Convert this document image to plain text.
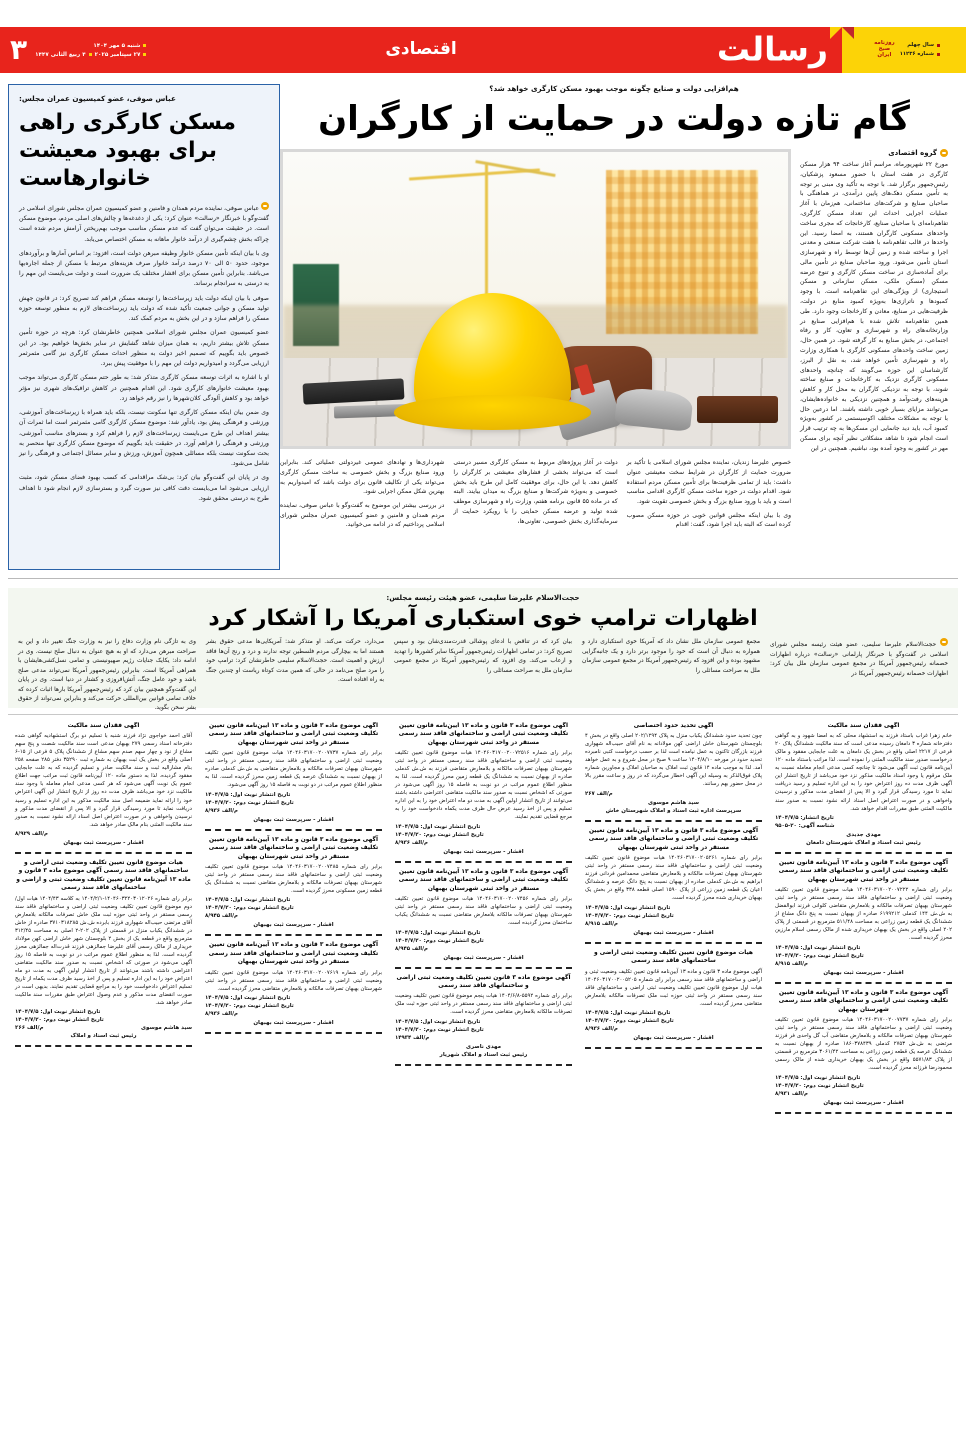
روزنامه
صبح
ایران
سال چهلم
شماره ۱۱۲۳۶
رسالت
اقتصادی
شنبه ۵ مهر ۱۴۰۴
۲۷ سپتامبر ۲۰۲۵
۴ ربیع الثانی ۱۴۴۷
۳
هم‌افزایی دولت و صنایع چگونه موجب بهبود مسکن کارگری خواهد شد؟
گام تازه دولت در حمایت از کارگران
گروه اقتصادی

مورخ ۲۲ شهریورماه، مراسم آغاز ساخت ۹۴ هزار مسکن کارگری در هفت استان با حضور مسعود پزشکیان، رئیس‌جمهور برگزار شد. با توجه به تأکید وی مبنی بر توجه به تأمین مسکن دهک‌های پایین درآمدی، در هماهنگی با صاحبان صنایع و شرکت‌های ساختمانی، هم‌زمان با آغاز عملیات اجرایی احداث این تعداد مسکن کارگری، تفاهم‌نامه‌ای با صاحبان صنایع، کارخانجات که مجری ساخت واحدهای مسکونی کارگران هستند، به امضا رسید. این واحدها در قالب تفاهم‌نامه با هفت شرکت صنعتی و معدنی اجرا و ساخته شده و زمین آن‌ها توسط راه و شهرسازی استان تأمین می‌شود. ورود صاحبان صنایع در تأمین مالی برای آماده‌سازی در ساخت مسکن کارگری و تنوع عرضه مسکن (مسکن ملکی، مسکن سازمانی و مسکن استیجاری) از ویژگی‌های این تفاهم‌نامه است. با وجود کمبودها و ناترازی‌ها به‌ویژه کمبود منابع در دولت، ظرفیت‌هایی در صنایع، معادن و کارخانجات وجود دارد. طی همین تفاهم‌نامه تلاش شده با هم‌افزایی صنایع در وزارتخانه‌های راه و شهرسازی و تعاون، کار و رفاه اجتماعی، در بخش صنایع به کار گرفته شود. در همین حال، زمین ساخت واحدهای مسکونی کارگری با همکاری وزارت راه و شهرسازی تأمین خواهد شد، به نقل از البرز، کارشناسان این حوزه می‌گویند که چنانچه واحدهای مسکونی کارگری نزدیک به کارخانجات و صنایع ساخته شوند، با توجه به نزدیکی کارگران به محل کار و کاهش هزینه‌های رفت‌وآمد و همچنین نزدیکی به خانواده‌هایشان، می‌توانند مزایای بسیار خوبی داشته باشند. اما درعین حال با توجه به مشکلات مختلف اکوسیستمی در کشور به‌ویژه کمبود آب، باید دید جانمایی این مسکن‌ها به چه ترتیب قرار است انجام شود تا شاهد مشکلاتی نظیر آنچه برای مسکن مهر در کشور به وجود آمده بود، نباشیم. همچنین در این

خصوص علیرضا زندیان، نماینده مجلس شورای اسلامی با تأکید بر ضرورت حمایت از کارگران در شرایط سخت معیشتی عنوان داشت: باید از تمامی ظرفیت‌ها برای تأمین مسکن مردم استفاده شود. اقدام دولت در حوزه ساخت مسکن کارگری اقدامی مناسب است و باید با ورود صنایع بزرگ و بخش خصوصی تقویت شود.

وی با بیان اینکه مجلس قوانین خوبی در حوزه مسکن مصوب کرده است که البته باید اجرا شود، گفت: اقدام

دولت در آغاز پروژه‌های مربوط به مسکن کارگری مسیر درستی است که می‌تواند بخشی از فشارهای معیشتی بر کارگران را کاهش دهد. با این حال، برای موفقیت کامل این طرح باید بخش خصوصی و به‌ویژه شرکت‌ها و صنایع بزرگ به میدان بیایند. البته که در ماده ۵۵ قانون برنامه هفتم، وزارت راه و شهرسازی موظف شده تولید و عرضه مسکن حمایتی را با رویکرد حمایت از سرمایه‌گذاری بخش خصوصی، تعاونی‌ها،

شهرداری‌ها و نهادهای عمومی غیردولتی عملیاتی کند. بنابراین ورود صنایع بزرگ و بخش خصوصی به ساخت مسکن کارگری می‌تواند یکی از تکالیف قانون برای دولت باشد که امیدواریم به بهترین شکل ممکن اجرایی شود.

در بررسی بیشتر این موضوع به گفت‌وگو با عباس صوفی، نماینده مردم همدان و فامنین و عضو کمیسیون عمران مجلس شورای اسلامی پرداختیم که در ادامه می‌خوانید.

عباس صوفی، عضو کمیسیون عمران مجلس:
مسکن کارگری راهی برای بهبود معیشت خانوارهاست

عباس صوفی، نماینده مردم همدان و فامنین و عضو کمیسیون عمران مجلس شورای اسلامی در گفت‌وگو با خبرنگار «رسالت» عنوان کرد: یکی از دغدغه‌ها و چالش‌های اصلی مردم، موضوع مسکن است. در حقیقت می‌توان گفت که عدم مسکن مناسب موجب بهم‌ریختن آرامش مردم شده است چراکه بخش چشم‌گیری از درآمد خانوار ماهانه به مسکن اختصاص می‌یابد.

وی با بیان اینکه تأمین مسکن خانوار وظیفه مبرهن دولت است، افزود: بر اساس آمارها و برآوردهای موجود، حدود ۵۰ الی ۷۰ درصد درآمد خانوار صرف هزینه‌های مرتبط با مسکن از جمله اجاره‌بها می‌باشد. بنابراین تأمین مسکن برای اقشار مختلف یک ضرورت است و دولت می‌بایست این مهم را به درستی به سرانجام برساند.

صوفی با بیان اینکه دولت باید زیرساخت‌ها را توسعه مسکن فراهم کند تصریح کرد: در قانون جهش تولید مسکن و جوانی جمعیت تأکید شده که دولت باید زیرساخت‌های لازم به منظور توسعه حوزه مسکن را فراهم سازد و در این بخش به مردم کمک کند.

عضو کمیسیون عمران مجلس شورای اسلامی همچنین خاطرنشان کرد: هرچه در حوزه تأمین مسکن تلاش بیشتر داریم، به همان میزان شاهد گشایش در سایر بخش‌ها خواهیم بود. در این خصوص باید بگوییم که تصمیم اخیر دولت به منظور احداث مسکن کارگری نیز گامی مثمرثمر ارزیابی می‌گردد و امیدواریم دولت این مهم را با موفقیت پیش ببرد.

او با اشاره به اثرات توسعه مسکن کارگری متذکر شد: به طور حتم مسکن کارگری می‌تواند موجب بهبود معیشت خانوارهای کارگری شود. این اقدام همچنین در کاهش ترافیک‌های شهری نیز مؤثر خواهد بود و کاهش آلودگی کلان‌شهرها را نیز رقم خواهد زد.

وی ضمن بیان اینکه مسکن کارگری تنها سکونت نیست، بلکه باید همراه با زیرساخت‌های آموزشی، ورزشی و فرهنگی پیش بود، یادآور شد: موضوع مسکن کارگری گامی مثمرثمر است اما ثمرات آن بیشتر اهداف این طرح می‌بایست زیرساخت‌های لازم را فراهم کرد و بسترهای مناسب آموزشی، ورزشی و فرهنگی را فراهم آورد. در حقیقت باید بگوییم که موضوع مسکن کارگری تنها منحصر به بحث سکونت نیست بلکه مسائلی همچون آموزش، ورزش و سایر مسائل اجتماعی و فرهنگی را نیز شامل می‌شود.

وی در پایان این گفت‌وگو بیان کرد: بی‌شک مراقدامی که کسب بهبود فضای مسکن شود، مثبت ارزیابی می‌شود اما می‌بایست دقت کافی نیز صورت گیرد و بسترسازی لازم انجام شود تا اهداف طرح به درستی محقق شود.

حجت‌الاسلام علیرضا سلیمی، عضو هیئت رئیسه مجلس:
اظهارات ترامپ خوی استکباری آمریکا را آشکار کرد

حجت‌الاسلام علیرضا سلیمی، عضو هیئت رئیسه مجلس شورای اسلامی در گفت‌وگو با خبرنگار پارلمانی «رسالت» درباره اظهارات خصمانه رئیس‌جمهور آمریکا در مجمع عمومی سازمان ملل بیان کرد: اظهارات خصمانه رئیس‌جمهور آمریکا در

مجمع عمومی سازمان ملل نشان داد که آمریکا خوی استکباری دارد و همواره به دنبال آن است که خود را موجود برتر دارد و یک جانبه‌گرایی مشهود بوده و این افزود که رئیس‌جمهور آمریکا در مجمع عمومی سازمان ملل به صراحت مسائلی را

بیان کرد که در تناقض با ادعای پوشالی قدرت‌مندی‌شان بود و سپس تصریح کرد: در تمامی اظهارات رئیس‌جمهور آمریکا سایر کشورها را تهدید و ارعاب می‌کند. وی افزود که رئیس‌جمهور آمریکا در مجمع عمومی سازمان ملل به صراحت مسائلی را

می‌دارد، حرکت می‌کند. او متذکر شد: آمریکایی‌ها مدعی حقوق بشر هستند اما به بیچارگی مردم فلسطین توجه ندارند و درد و رنج آن‌ها فاقد ارزش و اهمیت است. حجت‌الاسلام سلیمی خاطرنشان کرد: ترامپ خود را مرد صلح می‌نامد در حالی که همین مدت کوتاه ریاست او چندین جنگ به راه افتاده است.

وی به تازگی نام وزارت دفاع را نیز به وزارت جنگ تغییر داد و این به صراحت مبرهن می‌دارد که او به هیچ عنوان به دنبال صلح نیست. وی در ادامه داد: یکایک جنایات رژیم صهیونیستی و تمامی نسل‌کشی‌هایشان با همراهی آمریکا است. بنابراین رئیس‌جمهور آمریکا نمی‌تواند مدعی صلح باشد و خود عامل جنگ، آتش‌افروزی و کشتار در دنیا است. وی در پایان این گفت‌وگو همچنین بیان کرد که رئیس‌جمهور آمریکا بارها اثبات کرده که خلاف تمامی قوانین بین‌المللی حرکت می‌کند و بنابراین نمی‌تواند از حقوق بشر سخن بگوید.

آگهی فقدان سند مالکیت

خانم زهرا غراب باستاد فرزند به استشهاد محلی که به امضا شهود و به گواهی دفترخانه شماره ۳ دامغان رسیده مدعی است که سند مالکیت ششدانگ پلاک ۲۰ فرعی از ۲۲۱۷ اصلی واقع در بخش یک دامغان به علت جابجایی مفقود و مالک درخواست صدور سند مالکیت المثنی را نموده است. لذا مراتب باستناد ماده ۱۲۰ آیین‌نامه قانون ثبت آگهی می‌شود تا چنانچه کسی مدعی انجام معامله نسبت به ملک مرقوم یا وجود اسناد مالکیت مذکور نزد خود می‌باشد از تاریخ انتشار این آگهی ظرف مدت ده روز اعتراض خود را به این اداره تسلیم و رسید دریافت نماید تا مورد رسیدگی قرار گیرد و الا پس از انقضای مدت مذکور و نرسیدن واخواهی و در صورت اعتراض اصل اسناد ارائه نشود نسبت به صدور سند مالکیت المثنی طبق مقررات اقدام خواهد شد.

تاریخ انتشار: ۱۴۰۴/۷/۵
شناسه آگهی: ۲۰-۹۵۰۵
مهدی جدیدی
رئیس ثبت اسناد و املاک شهرستان دامغان
آگهی موضوع ماده ۳ قانون و ماده ۱۳ آیین‌نامه قانون تعیین تکلیف وضعیت ثبتی اراضی و ساختمانهای فاقد سند رسمی مستقر در واحد ثبتی شهرستان بهبهان

برابر رای شماره ۱۴۰۴۶۰۳۱۷۰۰۲۰۰۷۲۲۲ هیات موضوع قانون تعیین تکلیف وضعیت ثبتی اراضی و ساختمانهای فاقد سند رسمی مستقر در واحد ثبتی شهرستان بهبهان تصرفات مالکانه و بلامعارض متقاضی کلوانی فرزند ابوالفضل به ش.ش ۱۴۴ کدملی ۶۱۹۹۲۱۲ صادره از بهبهان نسبت به پنج دانگ مشاع از ششدانگ یک قطعه زمین زراعی به مساحت ۵۱۱/۴۸ مترمربع در قسمتی از پلاک ۲۰۲ اصلی واقع در بخش یک بهبهان خریداری شده از مالک رسمی اسلام مارزین محرز گردیده است.

تاریخ انتشار نوبت اول: ۱۴۰۴/۷/۵
تاریخ انتشار نوبت دوم: ۱۴۰۴/۷/۲۰
م/الف ۸/۹۱۵
افشار - سرپرست ثبت بهبهان
آگهی موضوع ماده ۳ قانون و ماده ۱۳ آیین‌نامه قانون تعیین تکلیف وضعیت ثبتی اراضی و ساختمانهای فاقد سند رسمی شهرستان بهبهان

برابر رای شماره ۱۴۰۴۶۰۳۱۷۰۰۲۰۰۷۷۳۷ هیات موضوع قانون تعیین تکلیف وضعیت ثبتی اراضی و ساختمانهای فاقد سند رسمی مستقر در واحد ثبتی شهرستان بهبهان تصرفات مالکانه و بلامعارض متقاضی آب گل واحدی فر فرزند مرتضی به ش.ش ۲۷۵۳ کدملی ۱۸۶۰۳۷۸۴۳۹ صادره از بهبهان نسبت به ششدانگ عرصه یک قطعه زمین زراعی به مساحت ۳۰۶۱/۴۲ مترمربع در قسمتی از پلاک ۵۵۷۱/۸۳ واقع در بخش یک بهبهان خریداری شده از مالک رسمی محمودرضا فرزانه محرز گردیده است.

تاریخ انتشار نوبت اول: ۱۴۰۴/۷/۵
تاریخ انتشار نوبت دوم: ۱۴۰۴/۷/۲۰
م/الف ۸/۹۳۱
افشار - سرپرست ثبت بهبهان
آگهی تحدید حدود اختصاصی

چون تحدید حدود ششدانگ یکباب منزل به پلاک ۲۰۲/۱۲۹۴ اصلی واقع در بخش ۴ بلوچستان شهرستان خاش اراضی کهن مولادانه به نام آقای حبیب‌اله شهواری فرزند بازرگان تاکنون به عمل نیامده است لذا بر حسب درخواست کتبی نامبرده تحدید حدود در مورخه ۱۴۰۴/۸/۱۰ ساعت ۹ صبح در محل شروع و به عمل خواهد آمد. لذا به موجب ماده ۱۴ قانون ثبت املاک به صاحبان املاک و مجاورین شماره پلاک فوق‌الذکر به وسیله این آگهی اخطار می‌گردد که در روز و ساعت مقرر بالا در محل حضور بهم رسانند.

م/الف ۲۶۷
سید هاشم موسوی
سرپرست اداره ثبت اسناد و املاک شهرستان خاش
آگهی موضوع ماده ۳ قانون و ماده ۱۳ آیین‌نامه قانون تعیین تکلیف وضعیت ثبتی اراضی و ساختمانهای فاقد سند رسمی مستقر در واحد ثبتی شهرستان بهبهان

برابر رای شماره ۱۴۰۴۶۰۳۱۷۰۰۲۰۵۲۶۱ هیات موضوع قانون تعیین تکلیف وضعیت ثبتی اراضی و ساختمانهای فاقد سند رسمی مستقر در واحد ثبتی شهرستان بهبهان تصرفات مالکانه و بلامعارض متقاضی محمدامین فردانی فرزند ابراهیم به ش.ش کدملی صادره از بهبهان نسبت به پنج دانگ عرصه و ششدانگ اعیان یک قطعه زمین زراعی از پلاک ۱۵۹۰ اصلی قطعه ۳۳۸ واقع در بخش یک بهبهان خریداری شده محرز گردیده است.

تاریخ انتشار نوبت اول: ۱۴۰۴/۷/۵
تاریخ انتشار نوبت دوم: ۱۴۰۴/۷/۲۰
م/الف ۸/۹۱۵
افشار - سرپرست ثبت بهبهان
هیات موضوع قانون تعیین تکلیف وضعیت ثبتی اراضی و ساختمانهای فاقد سند رسمی

آگهی موضوع ماده ۳ قانون و ماده ۱۳ آیین‌نامه قانون تعیین تکلیف وضعیت ثبتی و اراضی و ساختمانهای فاقد سند رسمی برابر رای شماره ۱۴۰۴۶۰۳۱۷۰۰۲۰۰۵۲۰۵ هیات اول موضوع قانون تعیین تکلیف وضعیت ثبتی اراضی و ساختمانهای فاقد سند رسمی مستقر در واحد ثبتی حوزه ثبت ملک تصرفات مالکانه بلامعارض متقاضی محرز گردیده است.

تاریخ انتشار نوبت اول: ۱۴۰۴/۷/۵
تاریخ انتشار نوبت دوم: ۱۴۰۴/۷/۲۰
م/الف ۸/۹۳۶
افشار - سرپرست ثبت بهبهان
آگهی موضوع ماده ۳ قانون و ماده ۱۳ آیین‌نامه قانون تعیین تکلیف وضعیت ثبتی اراضی و ساختمانهای فاقد سند رسمی مستقر در واحد ثبتی شهرستان بهبهان

برابر رای شماره ۱۴۰۴۶۰۳۱۷۰۰۲۰۰۷۲۵۱۶ هیات موضوع قانون تعیین تکلیف وضعیت ثبتی اراضی و ساختمانهای فاقد سند رسمی مستقر در واحد ثبتی شهرستان بهبهان تصرفات مالکانه و بلامعارض متقاضی فرزند به ش.ش کدملی صادره از بهبهان نسبت به ششدانگ یک قطعه زمین محرز گردیده است. لذا به منظور اطلاع عموم مراتب در دو نوبت به فاصله ۱۵ روز آگهی می‌شود در صورتی که اشخاص نسبت به صدور سند مالکیت متقاضی اعتراضی داشته باشند می‌توانند از تاریخ انتشار اولین آگهی به مدت دو ماه اعتراض خود را به این اداره تسلیم و پس از اخذ رسید عرض حال ظرف مدت یکماه دادخواست خود را به مرجع قضایی تقدیم نمایند.

تاریخ انتشار نوبت اول: ۱۴۰۴/۷/۵
تاریخ انتشار نوبت دوم: ۱۴۰۴/۷/۲۰
م/الف ۸/۹۳۶
افشار - سرپرست ثبت بهبهان
آگهی موضوع ماده ۳ قانون و ماده ۱۳ آیین‌نامه قانون تعیین تکلیف وضعیت ثبتی اراضی و ساختمانهای فاقد سند رسمی مستقر در واحد ثبتی شهرستان بهبهان

برابر رای شماره ۱۴۰۴۶۰۳۱۷۰۰۲۰۰۷۴۵۶ هیات موضوع قانون تعیین تکلیف وضعیت ثبتی اراضی و ساختمانهای فاقد سند رسمی مستقر در واحد ثبتی شهرستان بهبهان تصرفات مالکانه بلامعارض متقاضی نسبت به ششدانگ یکباب ساختمان محرز گردیده است.

تاریخ انتشار نوبت اول: ۱۴۰۴/۷/۵
تاریخ انتشار نوبت دوم: ۱۴۰۴/۷/۲۰
م/الف ۸/۹۴۵
افشار - سرپرست ثبت بهبهان
آگهی موضوع ماده ۳ قانون تعیین تکلیف وضعیت ثبتی اراضی و ساختمانهای فاقد سند رسمی

برابر رای شماره ۵۵۹۲-۱۴۰۴/۶/۸ هیات پنجم موضوع قانون تعیین تکلیف وضعیت ثبتی اراضی و ساختمانهای فاقد سند رسمی مستقر در واحد ثبتی حوزه ثبت ملک تصرفات مالکانه بلامعارض متقاضی محرز گردیده است.

تاریخ انتشار نوبت اول: ۱۴۰۴/۷/۵
تاریخ انتشار نوبت دوم: ۱۴۰۴/۷/۲۰
م/الف ۱۴۹۳۴
مهدی ناصری
رئیس ثبت اسناد و املاک شهریار
آگهی موضوع ماده ۳ قانون و ماده ۱۳ آیین‌نامه قانون تعیین تکلیف وضعیت ثبتی اراضی و ساختمانهای فاقد سند رسمی مستقر در واحد ثبتی شهرستان بهبهان

برابر رای شماره ۱۴۰۴۶۰۳۱۷۰۰۲۰۰۷۷۳۷ هیات موضوع قانون تعیین تکلیف وضعیت ثبتی اراضی و ساختمانهای فاقد سند رسمی مستقر در واحد ثبتی شهرستان بهبهان تصرفات مالکانه و بلامعارض متقاضی به ش.ش کدملی صادره از بهبهان نسبت به ششدانگ عرصه یک قطعه زمین محرز گردیده است. لذا به منظور اطلاع عموم مراتب در دو نوبت به فاصله ۱۵ روز آگهی می‌شود.

تاریخ انتشار نوبت اول: ۱۴۰۴/۷/۵
تاریخ انتشار نوبت دوم: ۱۴۰۴/۷/۲۰
م/الف ۸/۹۳۶
افشار - سرپرست ثبت بهبهان
آگهی موضوع ماده ۳ قانون و ماده ۱۳ آیین‌نامه قانون تعیین تکلیف وضعیت ثبتی اراضی و ساختمانهای فاقد سند رسمی مستقر در واحد ثبتی شهرستان بهبهان

برابر رای شماره ۱۴۰۴۶۰۳۱۷۰۰۲۰۰۷۴۸۵ هیات موضوع قانون تعیین تکلیف وضعیت ثبتی اراضی و ساختمانهای فاقد سند رسمی مستقر در واحد ثبتی شهرستان بهبهان تصرفات مالکانه و بلامعارض متقاضی نسبت به ششدانگ یک قطعه زمین مسکونی محرز گردیده است.

تاریخ انتشار نوبت اول: ۱۴۰۴/۷/۵
تاریخ انتشار نوبت دوم: ۱۴۰۴/۷/۲۰
م/الف ۸/۹۴۵
افشار - سرپرست ثبت بهبهان
آگهی موضوع ماده ۳ قانون و ماده ۱۳ آیین‌نامه قانون تعیین تکلیف وضعیت ثبتی اراضی و ساختمانهای فاقد سند رسمی مستقر در واحد ثبتی شهرستان بهبهان

برابر رای شماره ۱۴۰۴۶۰۳۱۷۰۰۲۰۰۷۶۱۹ هیات موضوع قانون تعیین تکلیف وضعیت ثبتی اراضی و ساختمانهای فاقد سند رسمی مستقر در واحد ثبتی شهرستان بهبهان تصرفات مالکانه و بلامعارض متقاضی محرز گردیده است.

تاریخ انتشار نوبت اول: ۱۴۰۴/۷/۵
تاریخ انتشار نوبت دوم: ۱۴۰۴/۷/۲۰
م/الف ۸/۹۳۶
افشار - سرپرست ثبت بهبهان
آگهی فقدان سند مالکیت

آقای احمد خواجوی نژاد فرزند شنبه با تسلیم دو برگ استشهادیه گواهی شده دفترخانه اسناد رسمی ۲۷۹ بهبهان مدعی است سند مالکیت شصت و پنج سهم مشاع از نود و چهار سهم صدم سهم مشاع از ششدانگ پلاک ۵ فرعی از ۱۵-۶ اصلی واقع در بخش یک ثبت بهبهان به شماره ثبت ۳۵۲۹۰ دفتر ۲۸۵ صفحه ۲۵۸ بنام مشارالیه ثبت و سند مالکیت صادر و تسلیم گردیده که به علت جابجایی مفقود گردیده. لذا به دستور ماده ۱۲۰ آیین‌نامه قانون ثبت مراتب جهت اطلاع عموم یک نوبت آگهی می‌شود که هر کسی مدعی انجام معامله با وجود سند مالکیت نزد خود می‌باشد ظرف مدت ده روز از تاریخ انتشار این آگهی اعتراض خود را ارائه نماید ضمیمه اصل سند مالکیت مذکور به این اداره تسلیم و رسید دریافت نماید تا مورد رسیدگی قرار گیرد و الا پس از انقضای مدت مذکور و نرسیدن واخواهی و در صورت اعتراض اصل اسناد ارائه نشود نسبت به صدور سند مالکیت المثنی بنام مالک صادر خواهد شد.

م/الف ۸/۹۲۹
افشار - سرپرست ثبت بهبهان
هیات موضوع قانون تعیین تکلیف وضعیت ثبتی اراضی و ساختمانهای فاقد سند رسمی آگهی موضوع ماده ۳ قانون و ماده ۱۳ آیین‌نامه قانون تعیین تکلیف وضعیت ثبتی و اراضی و ساختمانهای فاقد سند رسمی

برابر رای شماره ۱۴۰۴۶۰۳۲۲۰۳۰۱۲۰۲۶-۱۴۰۴/۲/۱ به کلاسه ۱۴۰۴/۴۳ هیات اول/دوم موضوع قانون تعیین تکلیف وضعیت ثبتی اراضی و ساختمانهای فاقد سند رسمی مستقر در واحد ثبتی حوزه ثبت ملک خاش تصرفات مالکانه بلامعارض آقای مرتضی حبیب‌اله شهواری فرزند بابرده ش.ش ۳۷۱۰۳۱۸۲۸۵ صادره از خاش در ششدانگ یکباب منزل در قسمتی از پلاک ۲۰۲-۲ اصلی به مساحت ۳۱۲/۴۵ مترمربع واقع در قطعه یک از بخش ۲ بلوچستان شهر خاش اراضی کهن مولاداد خریداری از مالک رسمی آقای علیرضا جمالزهی فرزند قدرت‌اله جمالزهی محرز گردیده است. لذا به منظور اطلاع عموم مراتب در دو نوبت به فاصله ۱۵ روز آگهی می‌شود در صورتی که اشخاص نسبت به صدور سند مالکیت متقاضی اعتراضی داشته باشند می‌توانند از تاریخ انتشار اولین آگهی به مدت دو ماه اعتراض خود را به این اداره تسلیم و پس از اخذ رسید ظرف مدت یکماه از تاریخ تسلیم اعتراض دادخواست خود را به مراجع قضایی تقدیم نمایند. بدیهی است در صورت انقضای مدت مذکور و عدم وصول اعتراض طبق مقررات سند مالکیت صادر خواهد شد.

تاریخ انتشار نوبت اول: ۱۴۰۴/۷/۵
تاریخ انتشار نوبت دوم: ۱۴۰۴/۷/۲۰
سید هاشم موسوی
م/الف ۲۶۶
رئیس ثبت اسناد و املاک
